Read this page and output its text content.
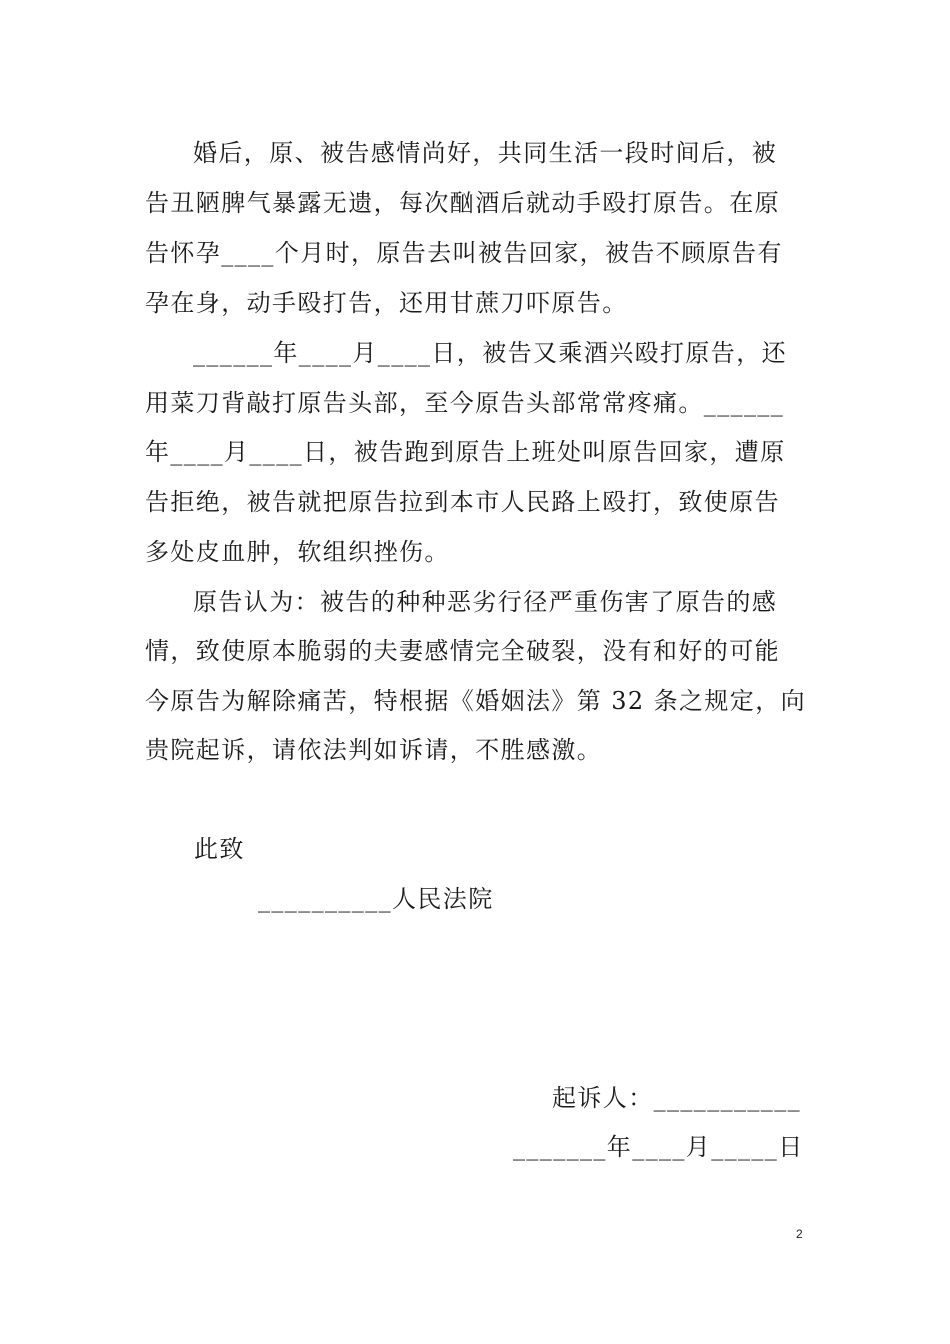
婚后，原、被告感情尚好，共同生活一段时间后，被
告丑陋脾气暴露无遗，每次酗酒后就动手殴打原告。在原
告怀孕____个月时，原告去叫被告回家，被告不顾原告有
孕在身，动手殴打告，还用甘蔗刀吓原告。
______年____月____日，被告又乘酒兴殴打原告，还
用菜刀背敲打原告头部，至今原告头部常常疼痛。______
年____月____日，被告跑到原告上班处叫原告回家，遭原
告拒绝，被告就把原告拉到本市人民路上殴打，致使原告
多处皮血肿，软组织挫伤。
原告认为：被告的种种恶劣行径严重伤害了原告的感
情，致使原本脆弱的夫妻感情完全破裂，没有和好的可能
今原告为解除痛苦，特根据《婚姻法》第 32 条之规定，向
贵院起诉，请依法判如诉请，不胜感激。
此致
__________人民法院
起诉人：___________
_______年____月_____日
2
